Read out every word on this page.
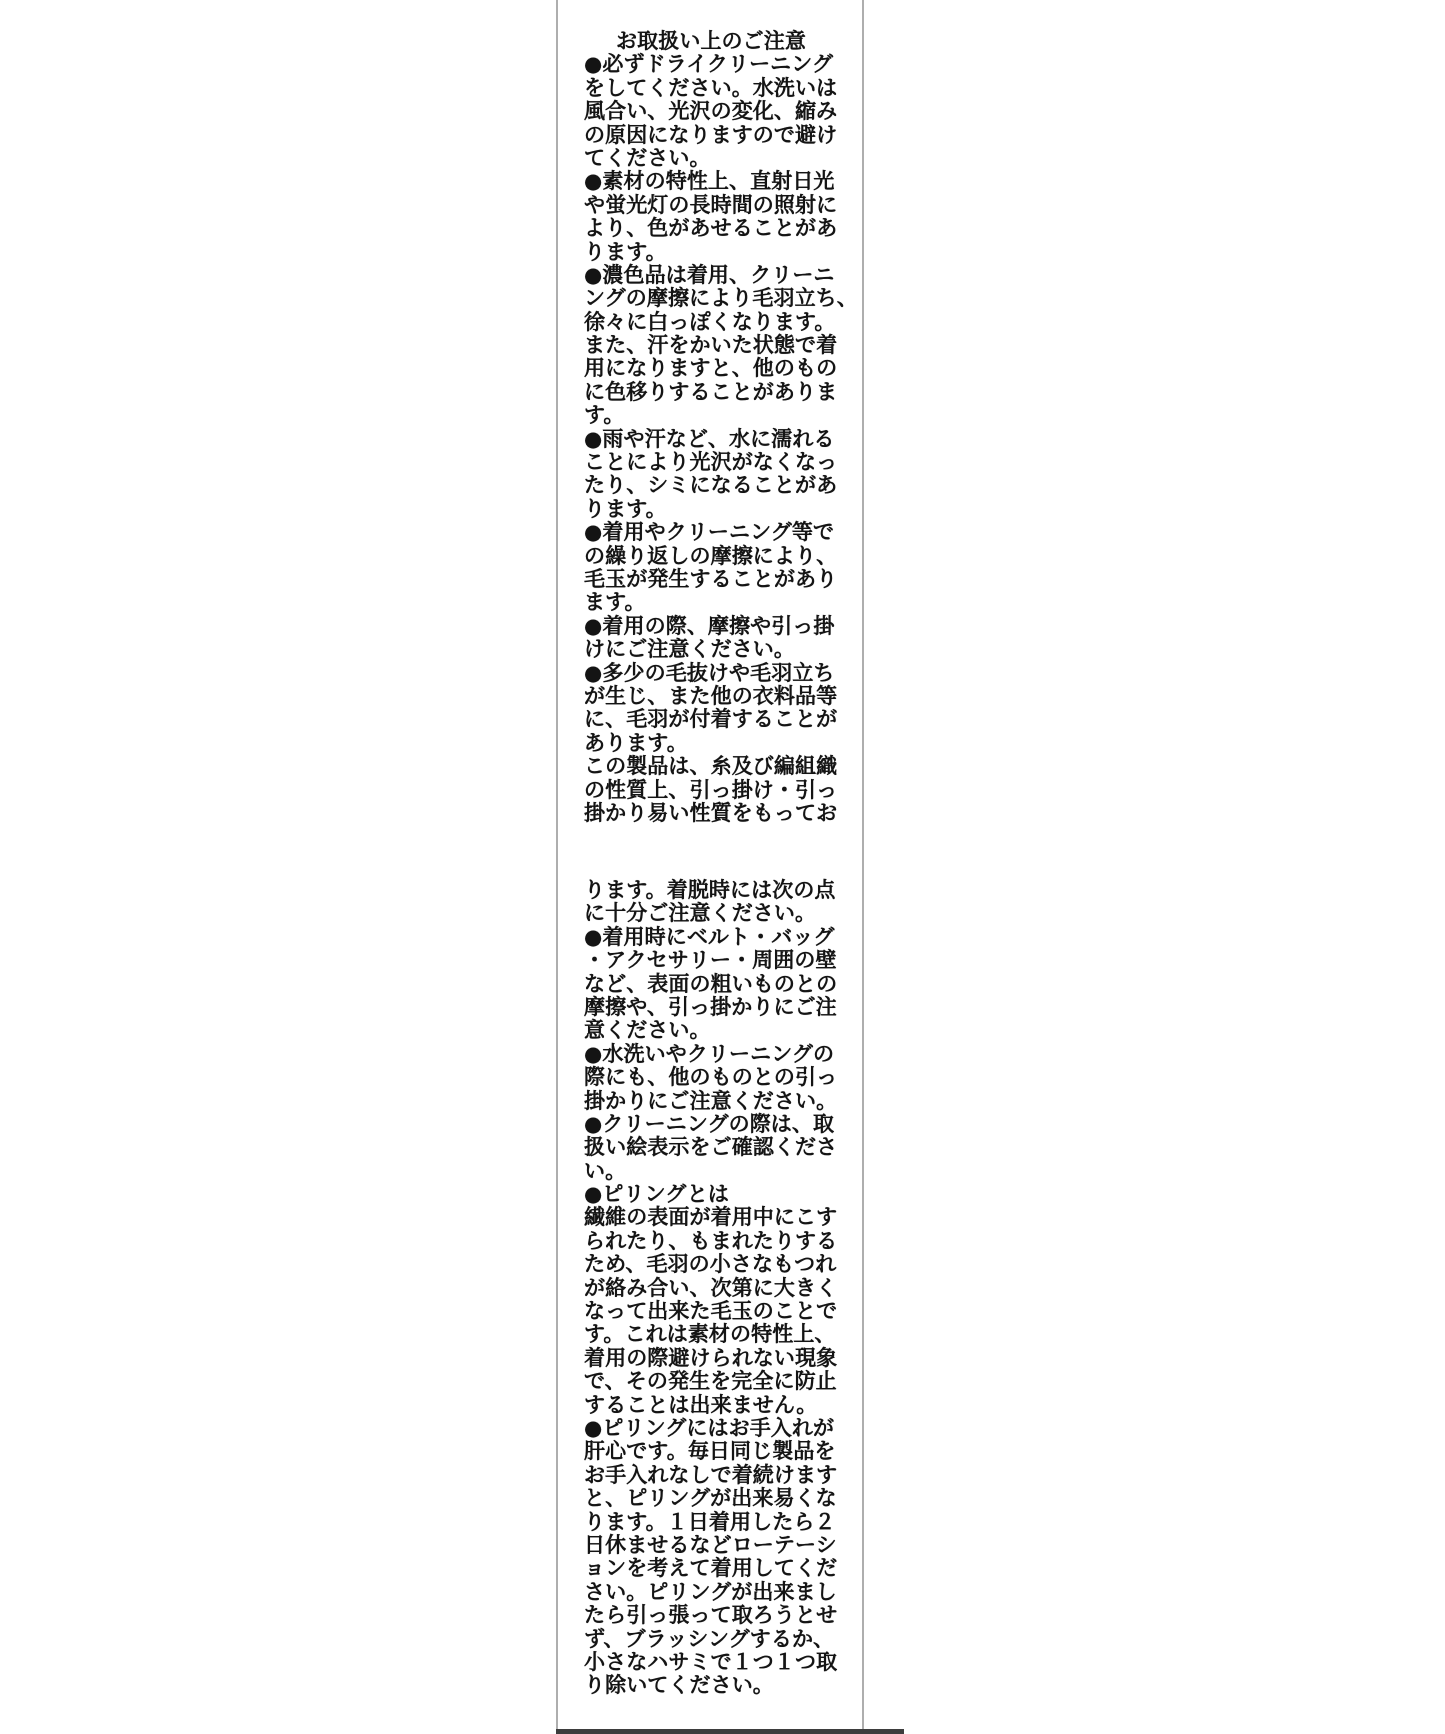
お取扱い上のご注意
●必ずドライクリーニング
をしてください。水洗いは
風合い、光沢の変化、縮み
の原因になりますので避け
てください。
●素材の特性上、直射日光
や蛍光灯の長時間の照射に
より、色があせることがあ
ります。
●濃色品は着用、クリーニ
ングの摩擦により毛羽立ち、
徐々に白っぽくなります。
また、汗をかいた状態で着
用になりますと、他のもの
に色移りすることがありま
す。
●雨や汗など、水に濡れる
ことにより光沢がなくなっ
たり、シミになることがあ
ります。
●着用やクリーニング等で
の繰り返しの摩擦により、
毛玉が発生することがあり
ます。
●着用の際、摩擦や引っ掛
けにご注意ください。
●多少の毛抜けや毛羽立ち
が生じ、また他の衣料品等
に、毛羽が付着することが
あります。
この製品は、糸及び編組織
の性質上、引っ掛け・引っ
掛かり易い性質をもってお
ります。着脱時には次の点
に十分ご注意ください。
●着用時にベルト・バッグ
・アクセサリー・周囲の壁
など、表面の粗いものとの
摩擦や、引っ掛かりにご注
意ください。
●水洗いやクリーニングの
際にも、他のものとの引っ
掛かりにご注意ください。
●クリーニングの際は、取
扱い絵表示をご確認くださ
い。
●ピリングとは
繊維の表面が着用中にこす
られたり、もまれたりする
ため、毛羽の小さなもつれ
が絡み合い、次第に大きく
なって出来た毛玉のことで
す。これは素材の特性上、
着用の際避けられない現象
で、その発生を完全に防止
することは出来ません。
●ピリングにはお手入れが
肝心です。毎日同じ製品を
お手入れなしで着続けます
と、ピリングが出来易くな
ります。１日着用したら２
日休ませるなどローテーシ
ョンを考えて着用してくだ
さい。ピリングが出来まし
たら引っ張って取ろうとせ
ず、ブラッシングするか、
小さなハサミで１つ１つ取
り除いてください。
